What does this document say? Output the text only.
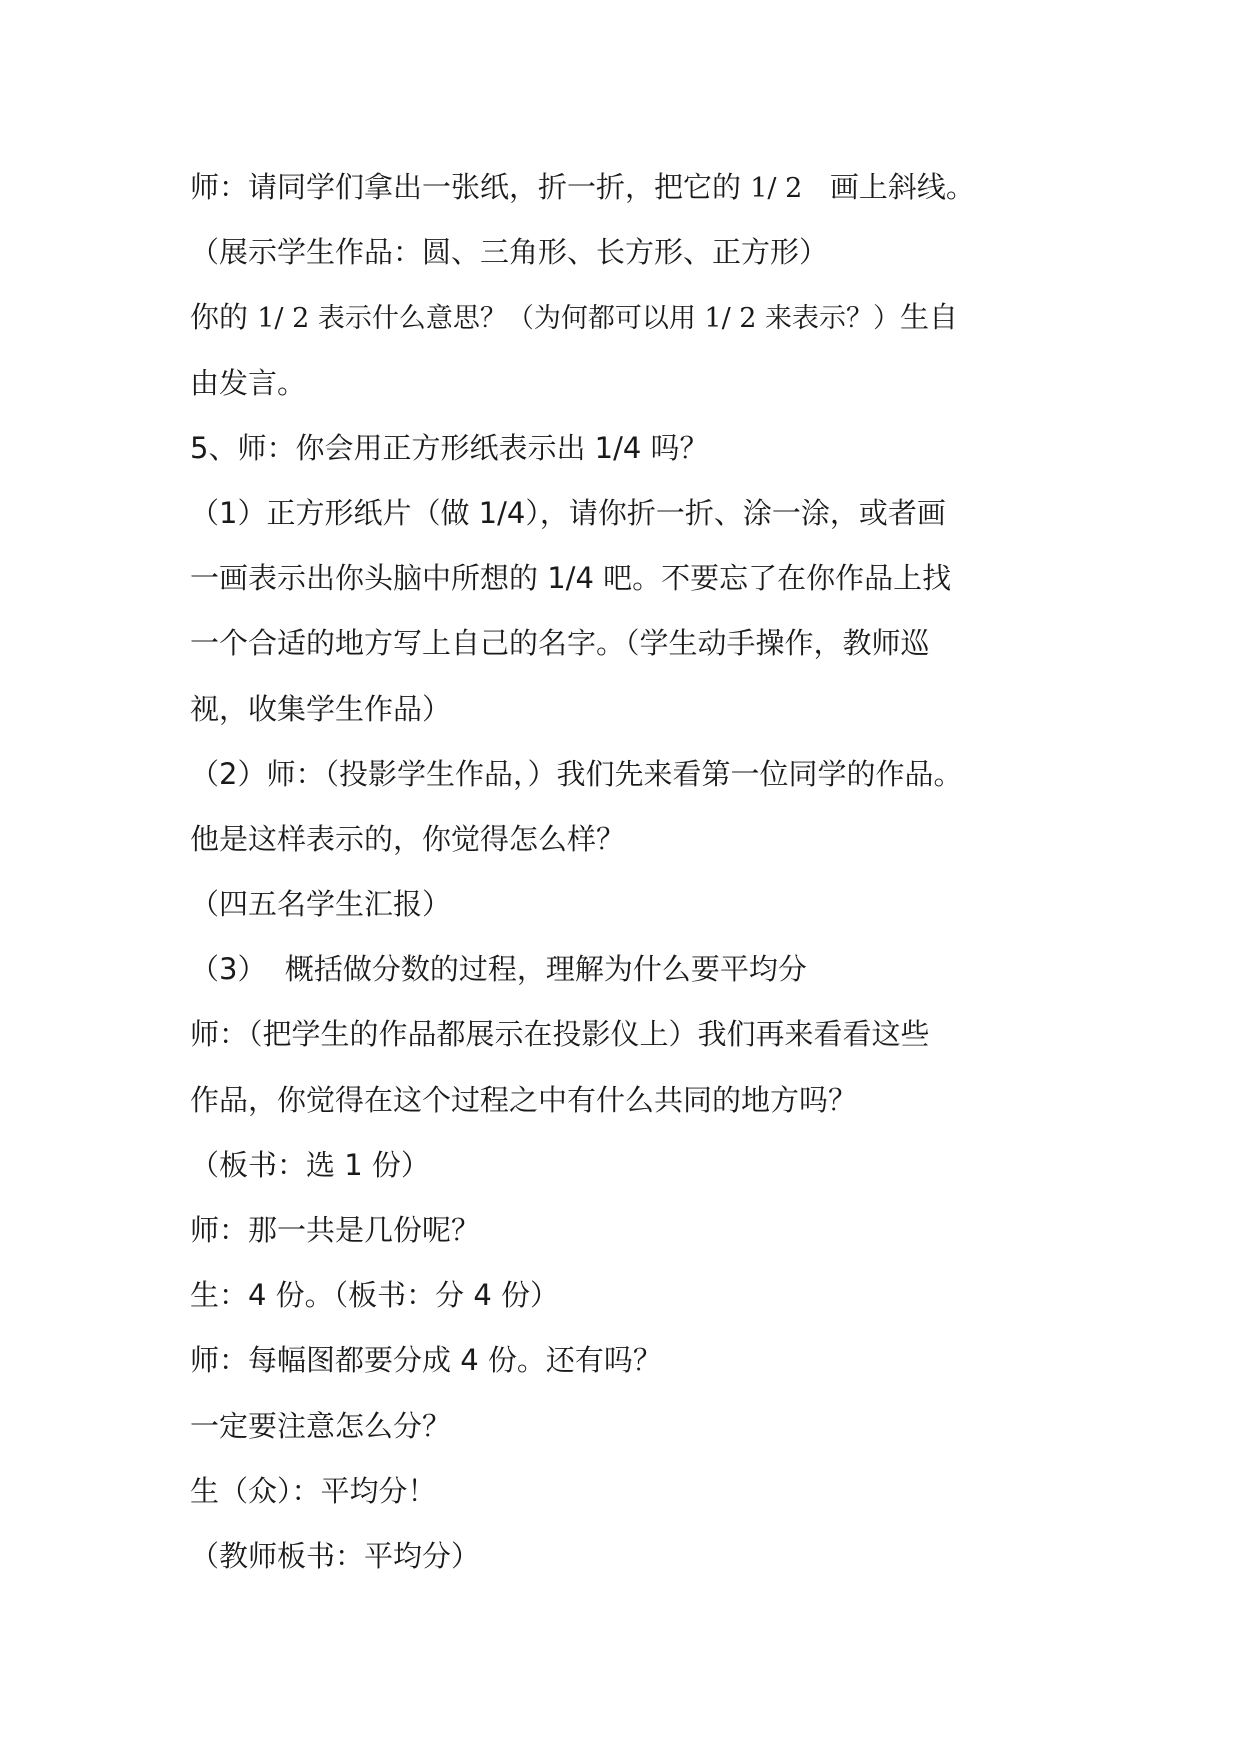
师：请同学们拿出一张纸，折一折，把它的 1/ 2   画上斜线。
（展示学生作品：圆、三角形、长方形、正方形）
你的 1/ 2 表示什么意思？（为何都可以用 1/ 2 来表示？）生自
由发言。
5、师：你会用正方形纸表示出 1/4 吗？
（1）正方形纸片（做 1/4），请你折一折、涂一涂，或者画
一画表示出你头脑中所想的 1/4 吧。不要忘了在你作品上找
一个合适的地方写上自己的名字。（学生动手操作，教师巡
视，收集学生作品）
（2）师：（投影学生作品，）我们先来看第一位同学的作品。
他是这样表示的，你觉得怎么样？
（四五名学生汇报）
（3）  概括做分数的过程，理解为什么要平均分
师：（把学生的作品都展示在投影仪上）我们再来看看这些
作品，你觉得在这个过程之中有什么共同的地方吗？
（板书：选 1 份）
师：那一共是几份呢？
生：4 份。（板书：分 4 份）
师：每幅图都要分成 4 份。还有吗？
一定要注意怎么分？
生（众）：平均分！
（教师板书：平均分）
